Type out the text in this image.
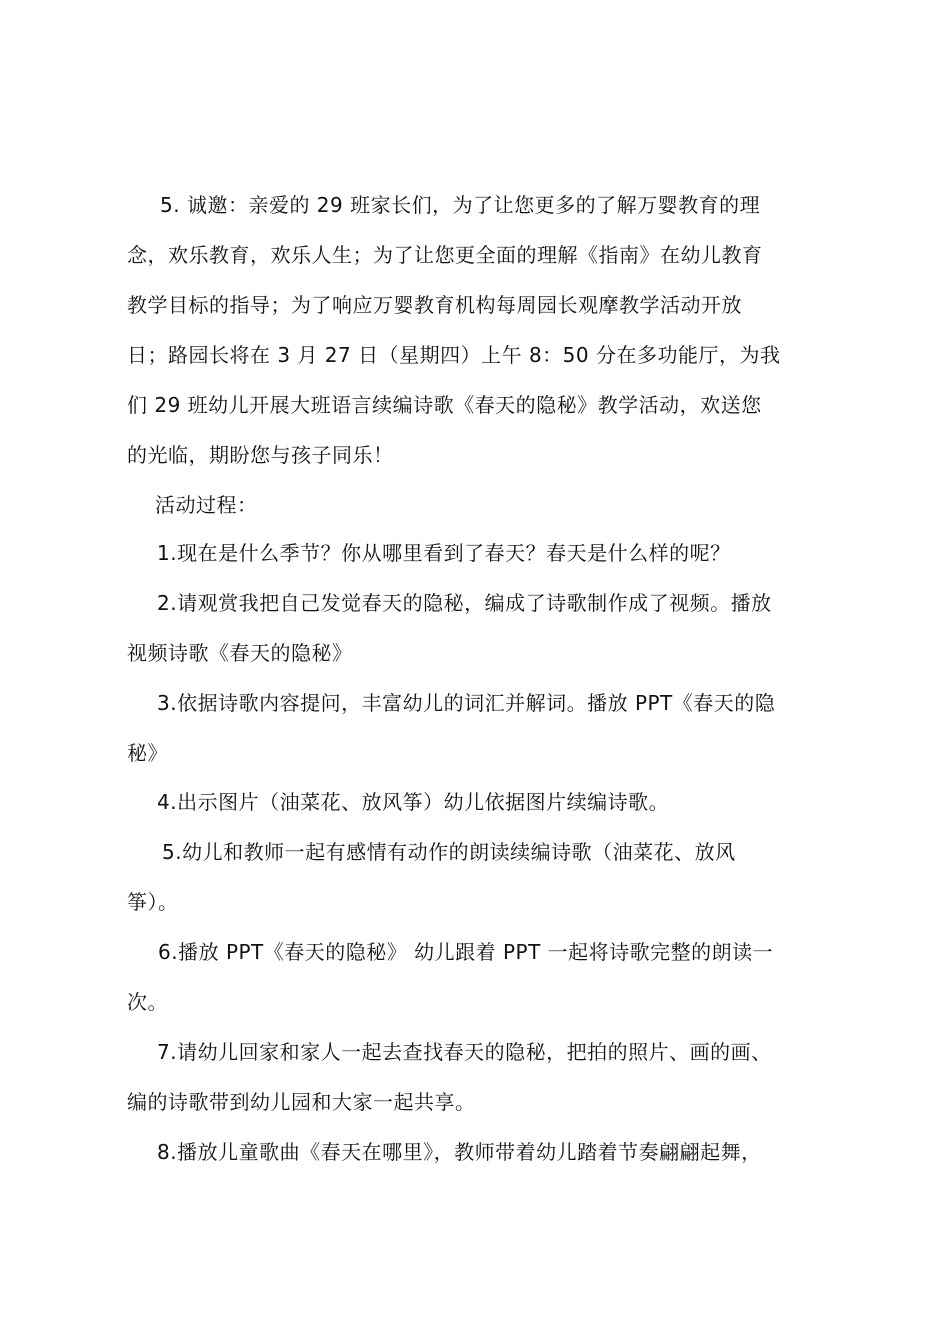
5. 诚邀：亲爱的 29 班家长们，为了让您更多的了解万婴教育的理
念，欢乐教育，欢乐人生；为了让您更全面的理解《指南》在幼儿教育
教学目标的指导；为了响应万婴教育机构每周园长观摩教学活动开放
日；路园长将在 3 月 27 日（星期四）上午 8：50 分在多功能厅，为我
们 29 班幼儿开展大班语言续编诗歌《春天的隐秘》教学活动，欢送您
的光临，期盼您与孩子同乐！
活动过程：
1.现在是什么季节？你从哪里看到了春天？春天是什么样的呢？
2.请观赏我把自己发觉春天的隐秘，编成了诗歌制作成了视频。播放
视频诗歌《春天的隐秘》
3.依据诗歌内容提问，丰富幼儿的词汇并解词。播放 PPT《春天的隐
秘》
4.出示图片（油菜花、放风筝）幼儿依据图片续编诗歌。
5.幼儿和教师一起有感情有动作的朗读续编诗歌（油菜花、放风
筝）。
6.播放 PPT《春天的隐秘》 幼儿跟着 PPT 一起将诗歌完整的朗读一
次。
7.请幼儿回家和家人一起去查找春天的隐秘，把拍的照片、画的画、
编的诗歌带到幼儿园和大家一起共享。
8.播放儿童歌曲《春天在哪里》，教师带着幼儿踏着节奏翩翩起舞，
